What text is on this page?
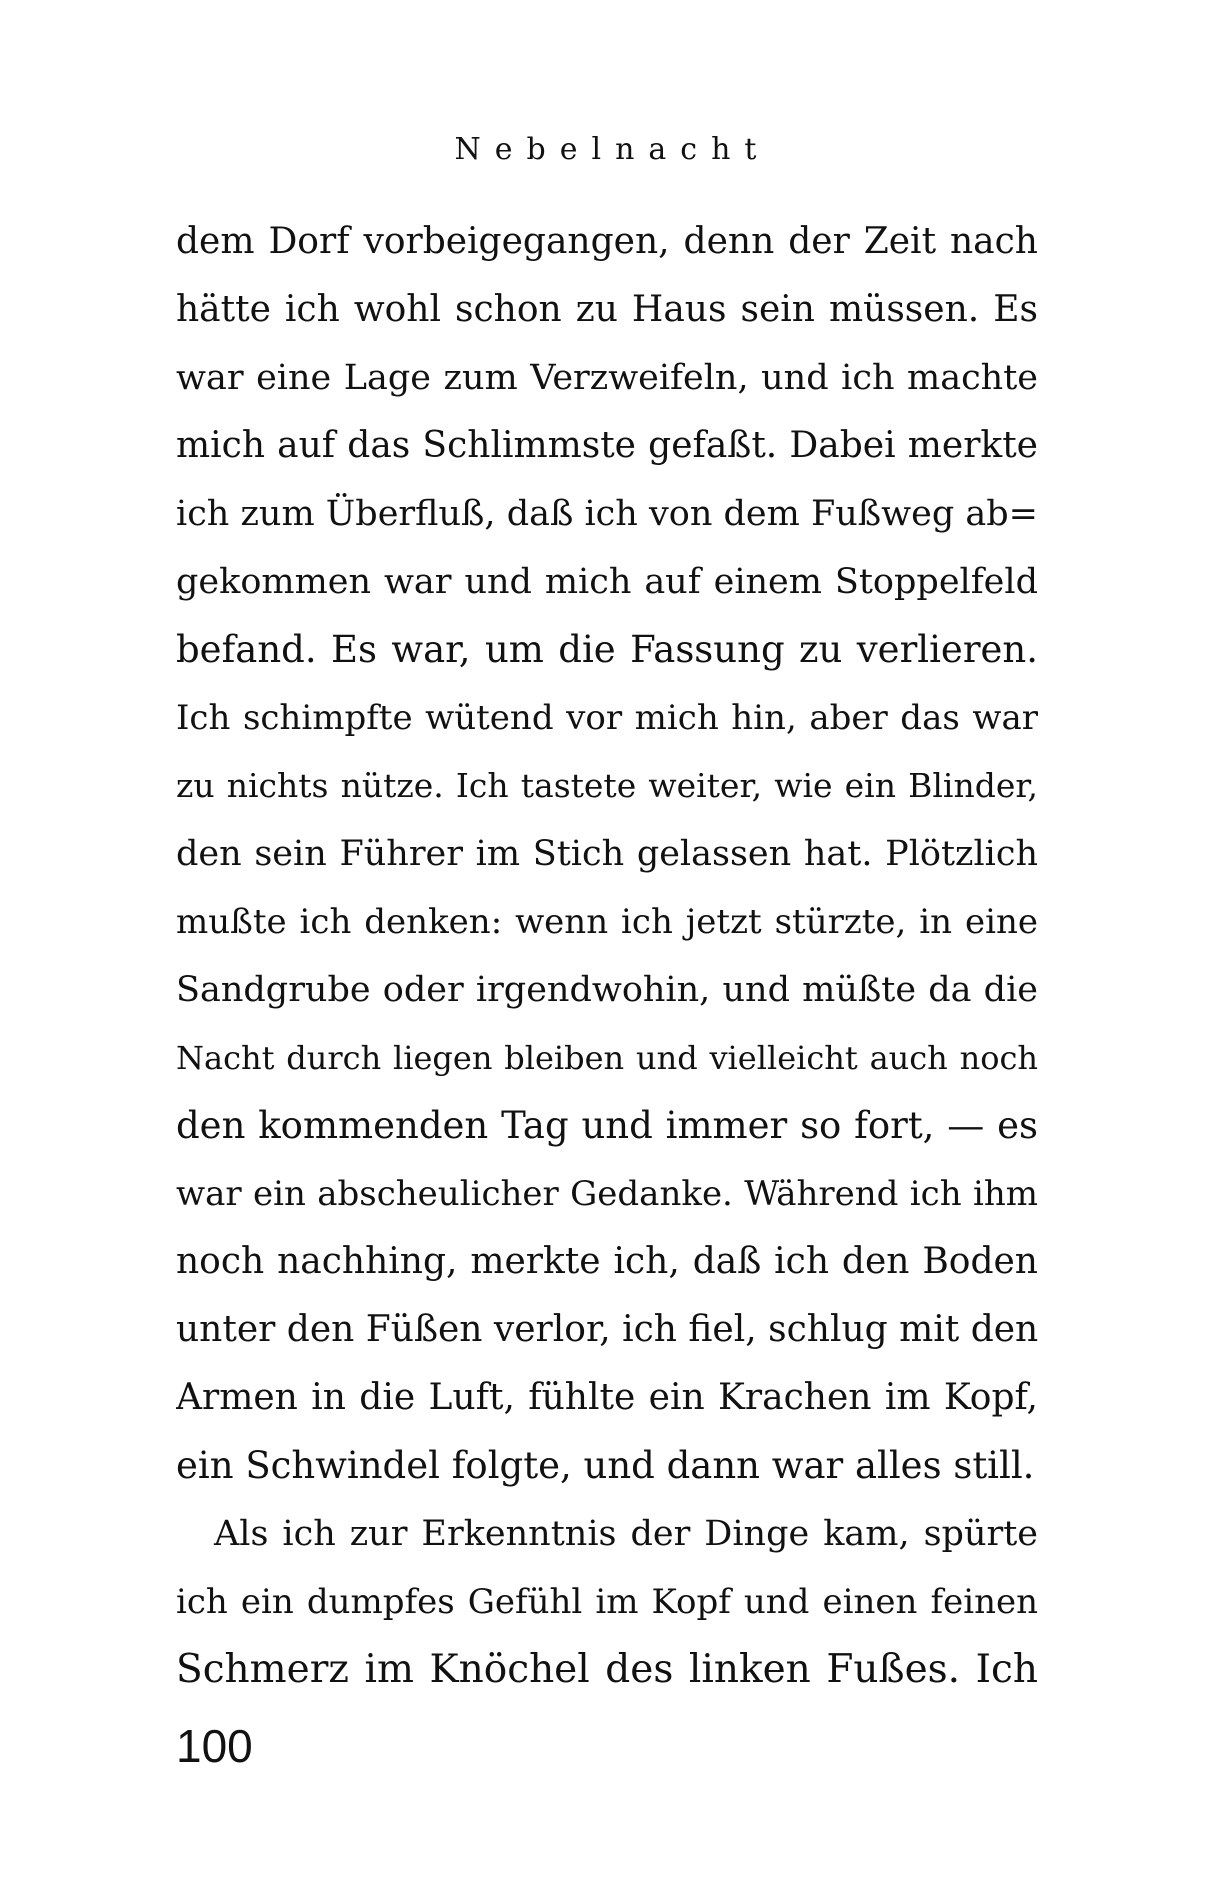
Nebelnacht
dem Dorf vorbeigegangen, denn der Zeit nach
hätte ich wohl schon zu Haus sein müssen. Es
war eine Lage zum Verzweifeln, und ich machte
mich auf das Schlimmste gefaßt. Dabei merkte
ich zum Überfluß, daß ich von dem Fußweg ab=
gekommen war und mich auf einem Stoppelfeld
befand. Es war, um die Fassung zu verlieren.
Ich schimpfte wütend vor mich hin, aber das war
zu nichts nütze. Ich tastete weiter, wie ein Blinder,
den sein Führer im Stich gelassen hat. Plötzlich
mußte ich denken: wenn ich jetzt stürzte, in eine
Sandgrube oder irgendwohin, und müßte da die
Nacht durch liegen bleiben und vielleicht auch noch
den kommenden Tag und immer so fort, — es
war ein abscheulicher Gedanke. Während ich ihm
noch nachhing, merkte ich, daß ich den Boden
unter den Füßen verlor, ich fiel, schlug mit den
Armen in die Luft, fühlte ein Krachen im Kopf,
ein Schwindel folgte, und dann war alles still.
Als ich zur Erkenntnis der Dinge kam, spürte
ich ein dumpfes Gefühl im Kopf und einen feinen
Schmerz im Knöchel des linken Fußes. Ich
100
